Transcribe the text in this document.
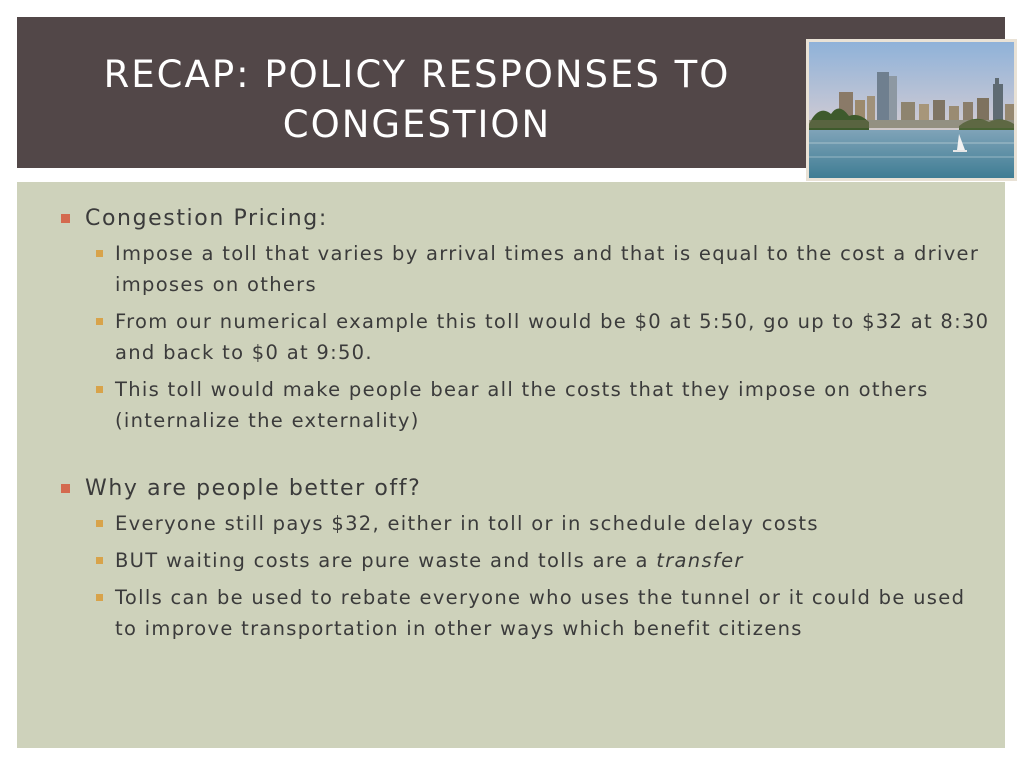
RECAP: POLICY RESPONSES TO CONGESTION
Congestion Pricing:
Impose a toll that varies by arrival times and that is equal to the cost a driver imposes on others
From our numerical example this toll would be $0 at 5:50, go up to $32 at 8:30 and back to $0 at 9:50.
This toll would make people bear all the costs that they impose on others (internalize the externality)
Why are people better off?
Everyone still pays $32, either in toll or in schedule delay costs
BUT waiting costs are pure waste and tolls are a transfer
Tolls can be used to rebate everyone who uses the tunnel or it could be used to improve transportation in other ways which benefit citizens
